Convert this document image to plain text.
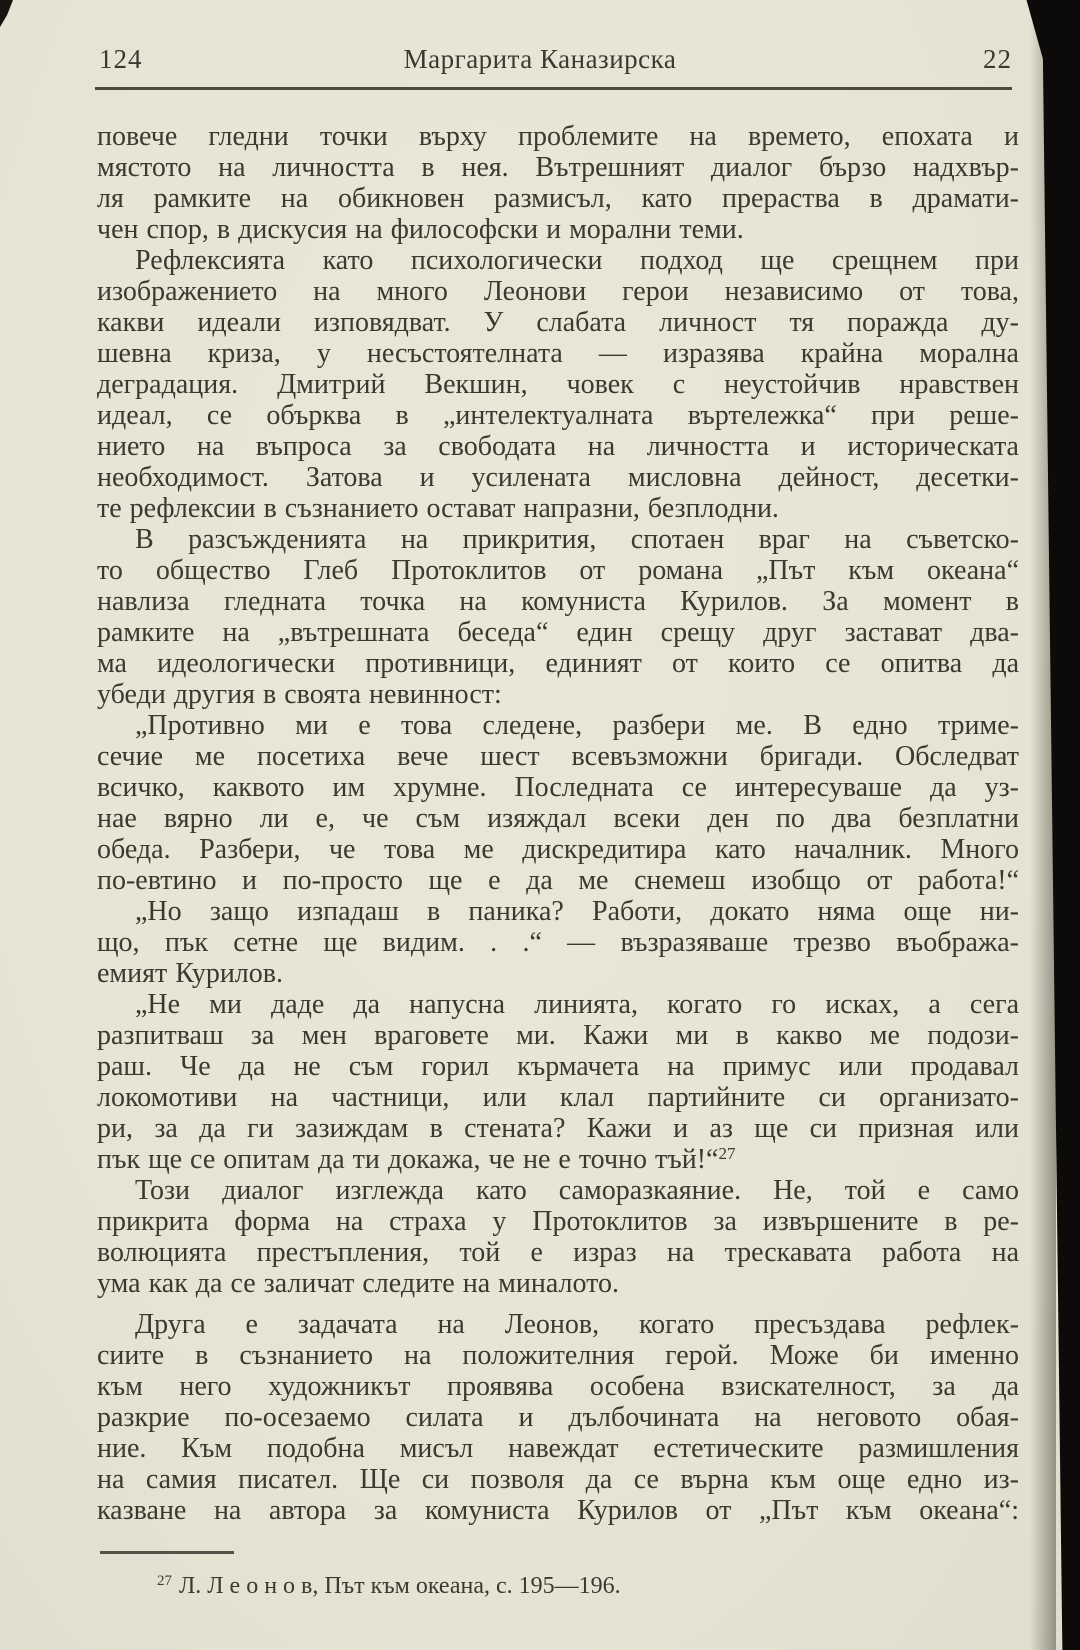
124	Маргарита Каназирска	22

повече гледни точки върху проблемите на времето, епохата и
мястото на личността в нея. Вътрешният диалог бързо надхвър-
ля рамките на обикновен размисъл, като прераства в драмати-
чен спор, в дискусия на философски и морални теми.

Рефлексията като психологически подход ще срещнем при
изображението на много Леонови герои независимо от това,
какви идеали изповядват. У слабата личност тя поражда ду-
шевна криза, у несъстоятелната — изразява крайна морална
деградация. Дмитрий Векшин, човек с неустойчив нравствен
идеал, се обърква в „интелектуалната въртележка“ при реше-
нието на въпроса за свободата на личността и историческата
необходимост. Затова и усилената мисловна дейност, десетки-
те рефлексии в съзнанието остават напразни, безплодни.

В разсъжденията на прикрития, спотаен враг на съветско-
то общество Глеб Протоклитов от романа „Път към океана“
навлиза гледната точка на комуниста Курилов. За момент в
рамките на „вътрешната беседа“ един срещу друг застават два-
ма идеологически противници, единият от които се опитва да
убеди другия в своята невинност:

„Противно ми е това следене, разбери ме. В едно триме-
сечие ме посетиха вече шест всевъзможни бригади. Обследват
всичко, каквото им хрумне. Последната се интересуваше да уз-
нае вярно ли е, че съм изяждал всеки ден по два безплатни
обеда. Разбери, че това ме дискредитира като началник. Много
по-евтино и по-просто ще е да ме снемеш изобщо от работа!“

„Но защо изпадаш в паника? Работи, докато няма още ни-
що, пък сетне ще видим. . .“ — възразяваше трезво въобража-
емият Курилов.

„Не ми даде да напусна линията, когато го исках, а сега
разпитваш за мен враговете ми. Кажи ми в какво ме подози-
раш. Че да не съм горил кърмачета на примус или продавал
локомотиви на частници, или клал партийните си организато-
ри, за да ги зазиждам в стената? Кажи и аз ще си призная или
пък ще се опитам да ти докажа, че не е точно тъй!“$^{27}$

Този диалог изглежда като саморазкаяние. Не, той е само
прикрита форма на страха у Протоклитов за извършените в ре-
волюцията престъпления, той е израз на трескавата работа на
ума как да се заличат следите на миналото.

Друга е задачата на Леонов, когато пресъздава рефлек-
сиите в съзнанието на положителния герой. Може би именно
към него художникът проявява особена взискателност, за да
разкрие по-осезаемо силата и дълбочината на неговото обая-
ние. Към подобна мисъл навеждат естетическите размишления
на самия писател. Ще си позволя да се върна към още едно из-
казване на автора за комуниста Курилов от „Път към океана“:

$^{27}$ Л. Л е о н о в, Път към океана, с. 195—196.
